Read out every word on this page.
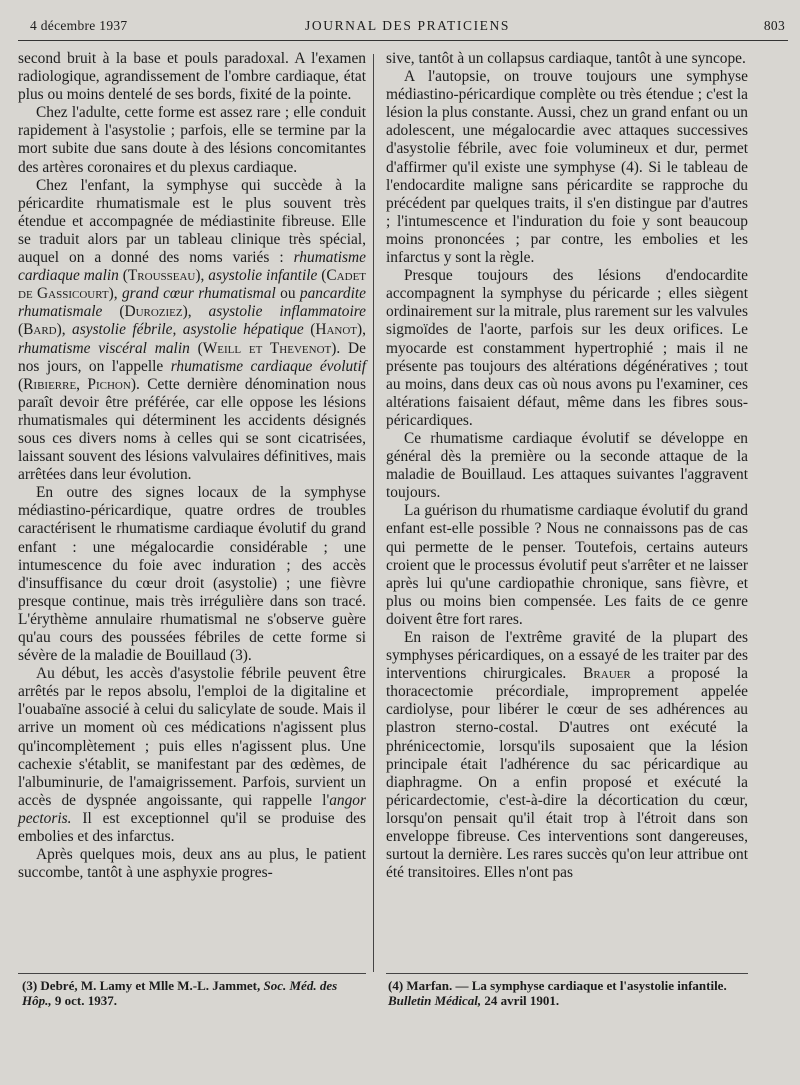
4 décembre 1937	JOURNAL DES PRATICIENS	803

second bruit à la base et pouls paradoxal. A l'examen radiologique, agrandissement de l'ombre cardiaque, état plus ou moins dentelé de ses bords, fixité de la pointe.

Chez l'adulte, cette forme est assez rare ; elle conduit rapidement à l'asystolie ; parfois, elle se termine par la mort subite due sans doute à des lésions concomitantes des artères coronaires et du plexus cardiaque.

Chez l'enfant, la symphyse qui succède à la péricardite rhumatismale est le plus souvent très étendue et accompagnée de médiastinite fibreuse. Elle se traduit alors par un tableau clinique très spécial, auquel on a donné des noms variés : rhumatisme cardiaque malin (Trousseau), asystolie infantile (Cadet de Gassicourt), grand cœur rhumatismal ou pancardite rhumatismale (Duroziez), asystolie inflammatoire (Bard), asystolie fébrile, asystolie hépatique (Hanot), rhumatisme viscéral malin (Weill et Thevenot). De nos jours, on l'appelle rhumatisme cardiaque évolutif (Ribierre, Pichon). Cette dernière dénomination nous paraît devoir être préférée, car elle oppose les lésions rhumatismales qui déterminent les accidents désignés sous ces divers noms à celles qui se sont cicatrisées, laissant souvent des lésions valvulaires définitives, mais arrêtées dans leur évolution.

En outre des signes locaux de la symphyse médiastino-péricardique, quatre ordres de troubles caractérisent le rhumatisme cardiaque évolutif du grand enfant : une mégalocardie considérable ; une intumescence du foie avec induration ; des accès d'insuffisance du cœur droit (asystolie) ; une fièvre presque continue, mais très irrégulière dans son tracé. L'érythème annulaire rhumatismal ne s'observe guère qu'au cours des poussées fébriles de cette forme si sévère de la maladie de Bouillaud (3).

Au début, les accès d'asystolie fébrile peuvent être arrêtés par le repos absolu, l'emploi de la digitaline et l'ouabaïne associé à celui du salicylate de soude. Mais il arrive un moment où ces médications n'agissent plus qu'incomplètement ; puis elles n'agissent plus. Une cachexie s'établit, se manifestant par des œdèmes, de l'albuminurie, de l'amaigrissement. Parfois, survient un accès de dyspnée angoissante, qui rappelle l'angor pectoris. Il est exceptionnel qu'il se produise des embolies et des infarctus.

Après quelques mois, deux ans au plus, le patient succombe, tantôt à une asphyxie progres-

sive, tantôt à un collapsus cardiaque, tantôt à une syncope.

A l'autopsie, on trouve toujours une symphyse médiastino-péricardique complète ou très étendue ; c'est la lésion la plus constante. Aussi, chez un grand enfant ou un adolescent, une mégalocardie avec attaques successives d'asystolie fébrile, avec foie volumineux et dur, permet d'affirmer qu'il existe une symphyse (4). Si le tableau de l'endocardite maligne sans péricardite se rapproche du précédent par quelques traits, il s'en distingue par d'autres ; l'intumescence et l'induration du foie y sont beaucoup moins prononcées ; par contre, les embolies et les infarctus y sont la règle.

Presque toujours des lésions d'endocardite accompagnent la symphyse du péricarde ; elles siègent ordinairement sur la mitrale, plus rarement sur les valvules sigmoïdes de l'aorte, parfois sur les deux orifices. Le myocarde est constamment hypertrophié ; mais il ne présente pas toujours des altérations dégénératives ; tout au moins, dans deux cas où nous avons pu l'examiner, ces altérations faisaient défaut, même dans les fibres sous-péricardiques.

Ce rhumatisme cardiaque évolutif se développe en général dès la première ou la seconde attaque de la maladie de Bouillaud. Les attaques suivantes l'aggravent toujours.

La guérison du rhumatisme cardiaque évolutif du grand enfant est-elle possible ? Nous ne connaissons pas de cas qui permette de le penser. Toutefois, certains auteurs croient que le processus évolutif peut s'arrêter et ne laisser après lui qu'une cardiopathie chronique, sans fièvre, et plus ou moins bien compensée. Les faits de ce genre doivent être fort rares.

En raison de l'extrême gravité de la plupart des symphyses péricardiques, on a essayé de les traiter par des interventions chirurgicales. Brauer a proposé la thoracectomie précordiale, improprement appelée cardiolyse, pour libérer le cœur de ses adhérences au plastron sterno-costal. D'autres ont exécuté la phrénicectomie, lorsqu'ils suposaient que la lésion principale était l'adhérence du sac péricardique au diaphragme. On a enfin proposé et exécuté la péricardectomie, c'est-à-dire la décortication du cœur, lorsqu'on pensait qu'il était trop à l'étroit dans son enveloppe fibreuse. Ces interventions sont dangereuses, surtout la dernière. Les rares succès qu'on leur attribue ont été transitoires. Elles n'ont pas

(3) Debré, M. Lamy et Mlle M.-L. Jammet, Soc. Méd. des Hôp., 9 oct. 1937.
(4) Marfan. — La symphyse cardiaque et l'asystolie infantile. Bulletin Médical, 24 avril 1901.
